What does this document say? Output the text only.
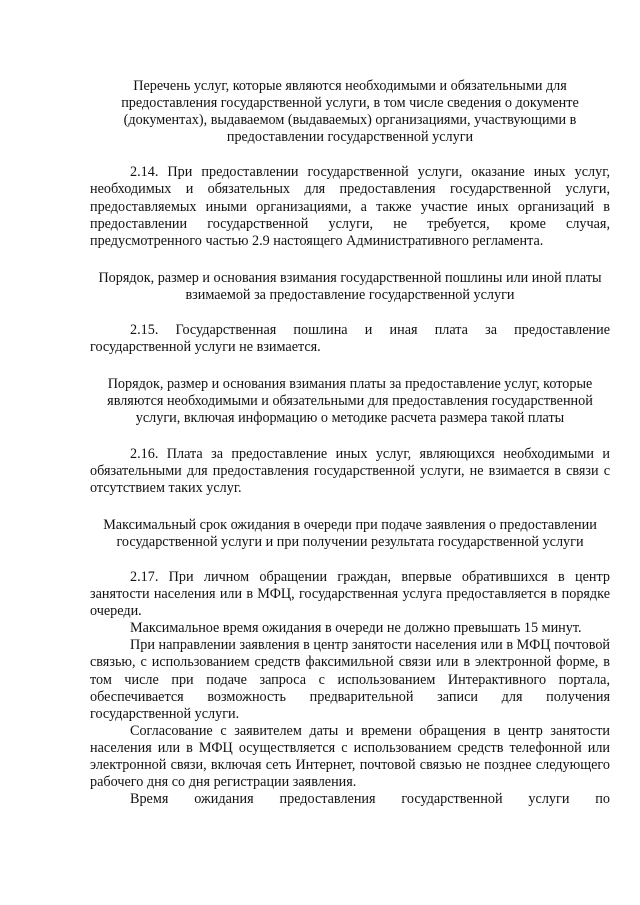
Перечень услуг, которые являются необходимыми и обязательными для предоставления государственной услуги, в том числе сведения о документе (документах), выдаваемом (выдаваемых) организациями, участвующими в предоставлении государственной услуги

2.14. При предоставлении государственной услуги, оказание иных услуг, необходимых и обязательных для предоставления государственной услуги, предоставляемых иными организациями, а также участие иных организаций в предоставлении государственной услуги, не требуется, кроме случая, предусмотренного частью 2.9 настоящего Административного регламента.

Порядок, размер и основания взимания государственной пошлины или иной платы взимаемой за предоставление государственной услуги

2.15. Государственная пошлина и иная плата за предоставление государственной услуги не взимается.

Порядок, размер и основания взимания платы за предоставление услуг, которые являются необходимыми и обязательными для предоставления государственной услуги, включая информацию о методике расчета размера такой платы

2.16. Плата за предоставление иных услуг, являющихся необходимыми и обязательными для предоставления государственной услуги, не взимается в связи с отсутствием таких услуг.

Максимальный срок ожидания в очереди при подаче заявления о предоставлении государственной услуги и при получении результата государственной услуги

2.17. При личном обращении граждан, впервые обратившихся в центр занятости населения или в МФЦ, государственная услуга предоставляется в порядке очереди.

Максимальное время ожидания в очереди не должно превышать 15 минут.

При направлении заявления в центр занятости населения или в МФЦ почтовой связью, с использованием средств факсимильной связи или в электронной форме, в том числе при подаче запроса с использованием Интерактивного портала, обеспечивается возможность предварительной записи для получения государственной услуги.

Согласование с заявителем даты и времени обращения в центр занятости населения или в МФЦ осуществляется с использованием средств телефонной или электронной связи, включая сеть Интернет, почтовой связью не позднее следующего рабочего дня со дня регистрации заявления.

Время ожидания предоставления государственной услуги по
